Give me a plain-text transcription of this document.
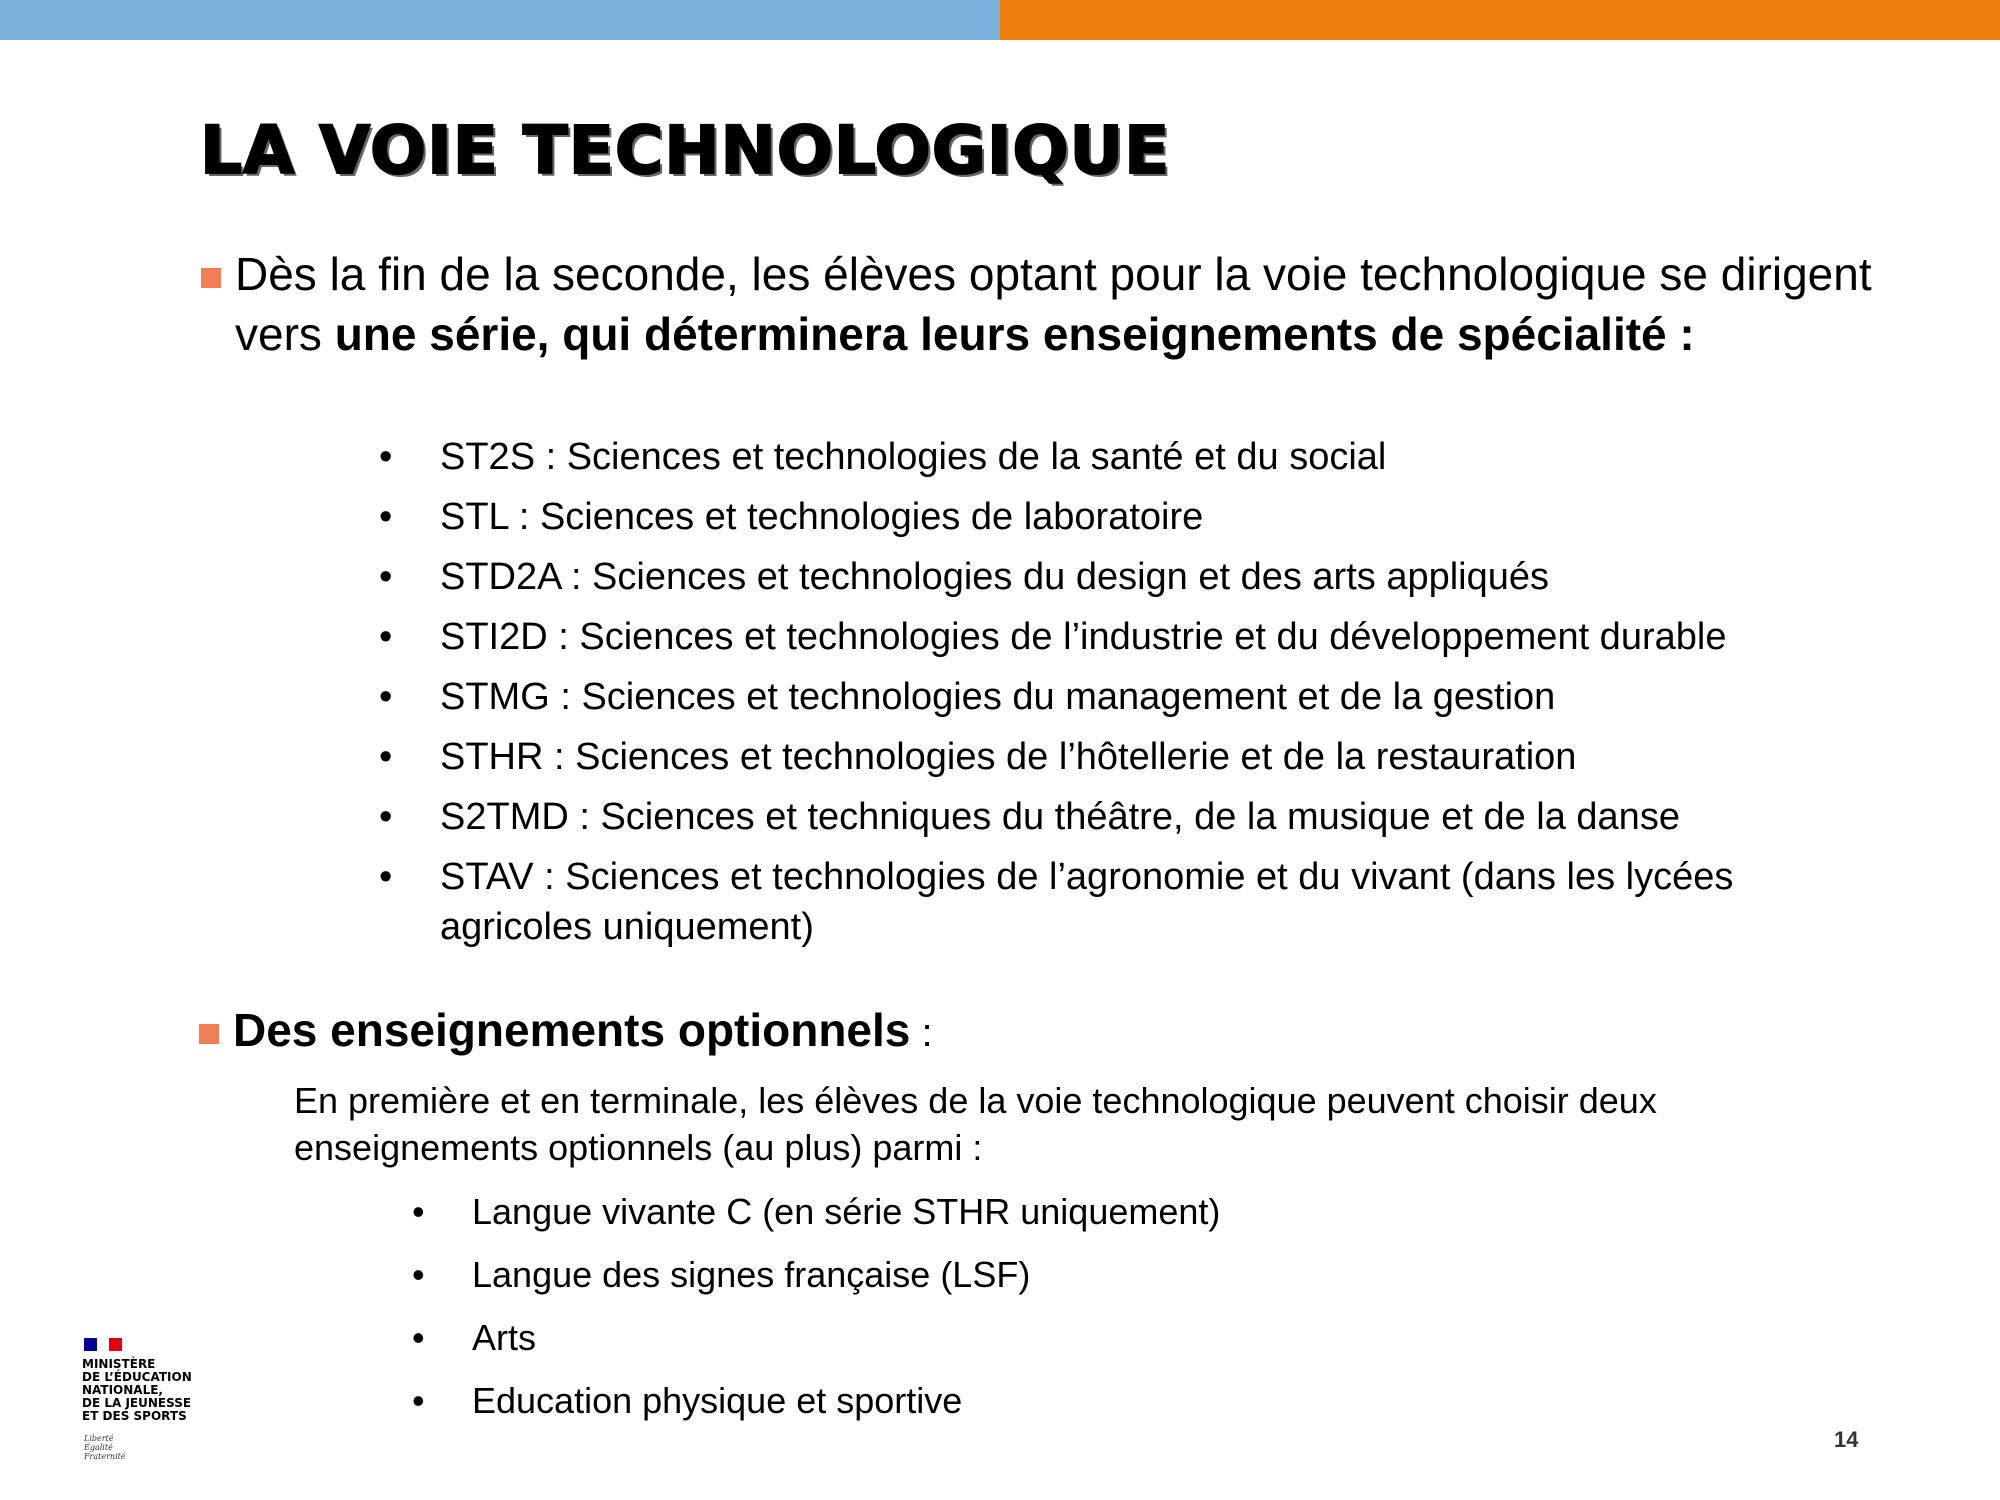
LA VOIE TECHNOLOGIQUE
Dès la fin de la seconde, les élèves optant pour la voie technologique se dirigent vers une série, qui déterminera leurs enseignements de spécialité :
• ST2S : Sciences et technologies de la santé et du social
• STL : Sciences et technologies de laboratoire
• STD2A : Sciences et technologies du design et des arts appliqués
• STI2D : Sciences et technologies de l’industrie et du développement durable
• STMG : Sciences et technologies du management et de la gestion
• STHR : Sciences et technologies de l’hôtellerie et de la restauration
• S2TMD : Sciences et techniques du théâtre, de la musique et de la danse
• STAV : Sciences et technologies de l’agronomie et du vivant (dans les lycées agricoles uniquement)
Des enseignements optionnels :
En première et en terminale, les élèves de la voie technologique peuvent choisir deux enseignements optionnels (au plus) parmi :
• Langue vivante C (en série STHR uniquement)
• Langue des signes française (LSF)
• Arts
• Education physique et sportive
MINISTÈRE
DE L’ÉDUCATION
NATIONALE,
DE LA JEUNESSE
ET DES SPORTS
Liberté
Égalité
Fraternité
14
